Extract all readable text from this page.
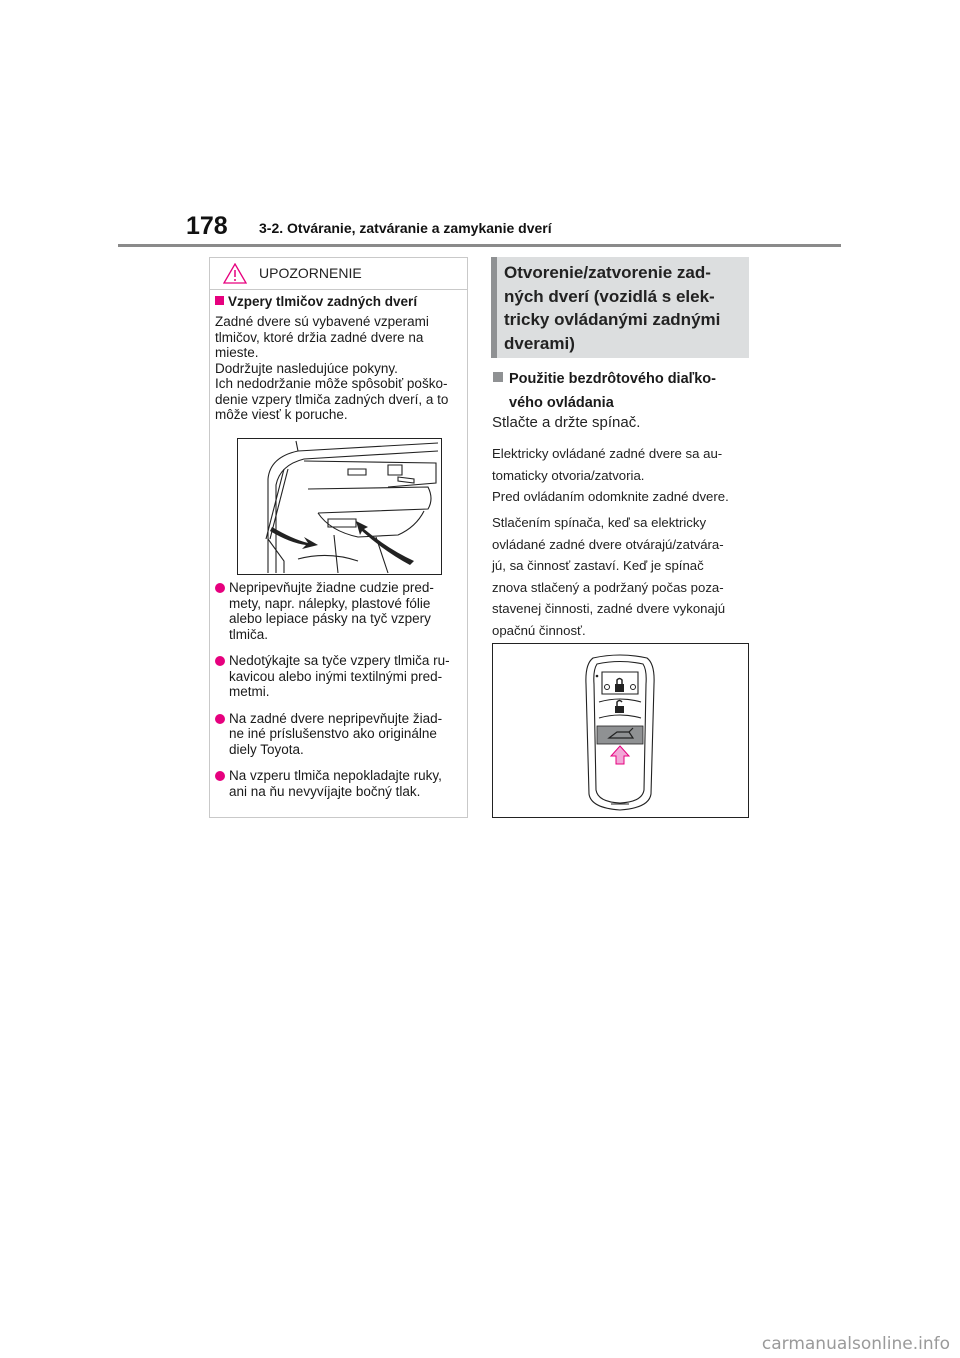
178 3-2. Otváranie, zatváranie a zamykanie dverí
UPOZORNENIE
Vzpery tlmičov zadných dverí
Zadné dvere sú vybavené vzperami
tlmičov, ktoré držia zadné dvere na
mieste.
Dodržujte nasledujúce pokyny.
Ich nedodržanie môže spôsobiť poško-
denie vzpery tlmiča zadných dverí, a to
môže viesť k poruche.
Nepripevňujte žiadne cudzie pred-
mety, napr. nálepky, plastové fólie
alebo lepiace pásky na tyč vzpery
tlmiča.
Nedotýkajte sa tyče vzpery tlmiča ru-
kavicou alebo inými textilnými pred-
metmi.
Na zadné dvere nepripevňujte žiad-
ne iné príslušenstvo ako originálne
diely Toyota.
Na vzperu tlmiča nepokladajte ruky,
ani na ňu nevyvíjajte bočný tlak.
Otvorenie/zatvorenie zad-
ných dverí (vozidlá s elek-
tricky ovládanými zadnými
dverami)
Použitie bezdrôtového diaľko-
vého ovládania
Stlačte a držte spínač.
Elektricky ovládané zadné dvere sa au-
tomaticky otvoria/zatvoria.
Pred ovládaním odomknite zadné dvere.
Stlačením spínača, keď sa elektricky
ovládané zadné dvere otvárajú/zatvára-
jú, sa činnosť zastaví. Keď je spínač
znova stlačený a podržaný počas poza-
stavenej činnosti, zadné dvere vykonajú
opačnú činnosť.
carmanualsonline.info
